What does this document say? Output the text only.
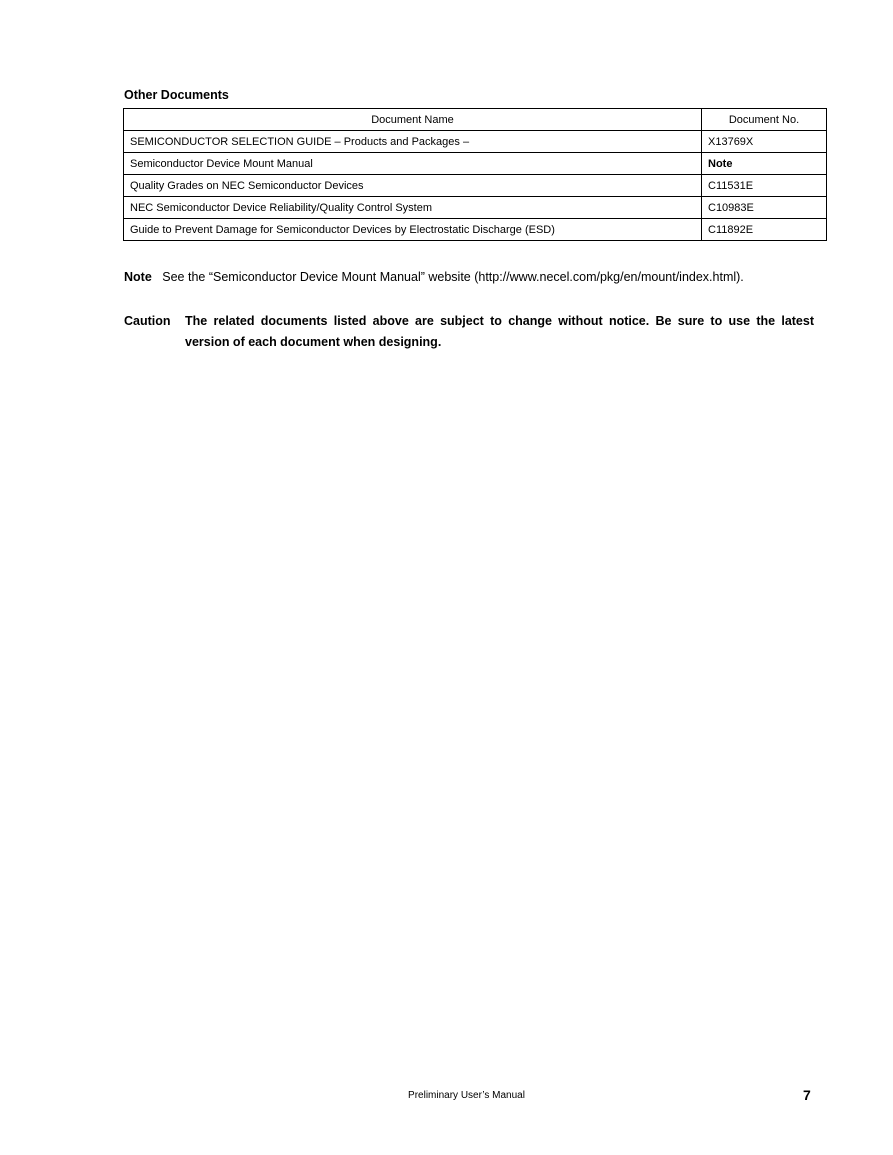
Other Documents
Document Name	Document No.
SEMICONDUCTOR SELECTION GUIDE – Products and Packages –	X13769X
Semiconductor Device Mount Manual	Note
Quality Grades on NEC Semiconductor Devices	C11531E
NEC Semiconductor Device Reliability/Quality Control System	C10983E
Guide to Prevent Damage for Semiconductor Devices by Electrostatic Discharge (ESD)	C11892E
Note See the “Semiconductor Device Mount Manual” website (http://www.necel.com/pkg/en/mount/index.html).
Caution The related documents listed above are subject to change without notice. Be sure to use the latest version of each document when designing.
Preliminary User’s Manual	7
